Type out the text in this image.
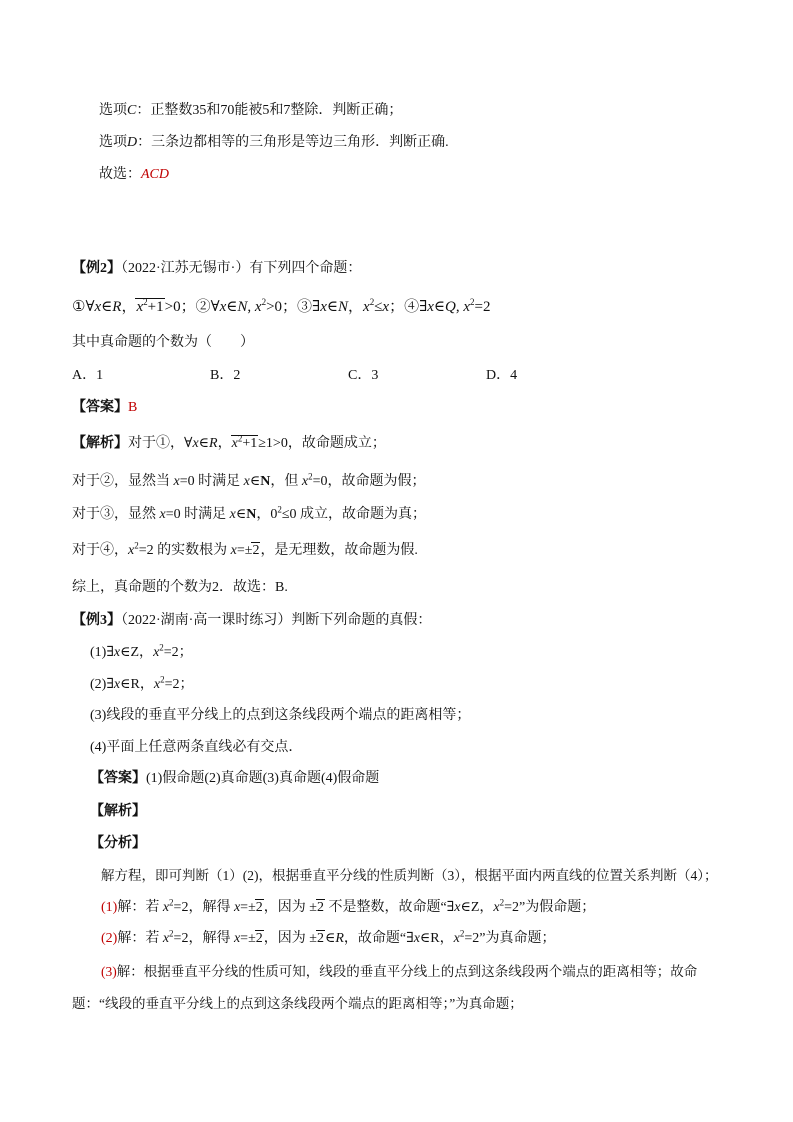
选项C：正整数35和70能被5和7整除．判断正确；
选项D：三条边都相等的三角形是等边三角形．判断正确.
故选：ACD
【例2】（2022·江苏无锡市·）有下列四个命题：
①∀x∈R，$x^2+1>0$；②∀x∈N, $x^2>0$；③∃x∈N，$x^2\le x$；④∃x∈Q, $x^2=2$
其中真命题的个数为（　　）
A．1	B．2	C．3	D．4
【答案】B
【解析】对于①，∀x∈R，$x^2+1\ge 1>0$，故命题成立；
对于②，显然当 x=0 时满足 x∈N，但 $x^2=0$，故命题为假；
对于③，显然 x=0 时满足 x∈N，$0^2\le 0$ 成立，故命题为真；
对于④，$x^2=2$ 的实数根为 x=±2，是无理数，故命题为假.
综上，真命题的个数为2．故选：B.
【例3】（2022·湖南·高一课时练习）判断下列命题的真假：
(1)∃x∈Z，$x^2=2$；
(2)∃x∈R，$x^2=2$；
(3)线段的垂直平分线上的点到这条线段两个端点的距离相等；
(4)平面上任意两条直线必有交点．
【答案】(1)假命题(2)真命题(3)真命题(4)假命题
【解析】
【分析】
解方程，即可判断（1）(2)，根据垂直平分线的性质判断（3），根据平面内两直线的位置关系判断（4）；
(1)解：若 $x^2=2$，解得 x=±2，因为 ±2 不是整数，故命题“∃x∈Z，$x^2=2$”为假命题；
(2)解：若 $x^2=2$，解得 x=±2，因为 ±2∈R，故命题“∃x∈R，$x^2=2$”为真命题；
(3)解：根据垂直平分线的性质可知，线段的垂直平分线上的点到这条线段两个端点的距离相等；故命
题：“线段的垂直平分线上的点到这条线段两个端点的距离相等；”为真命题；
